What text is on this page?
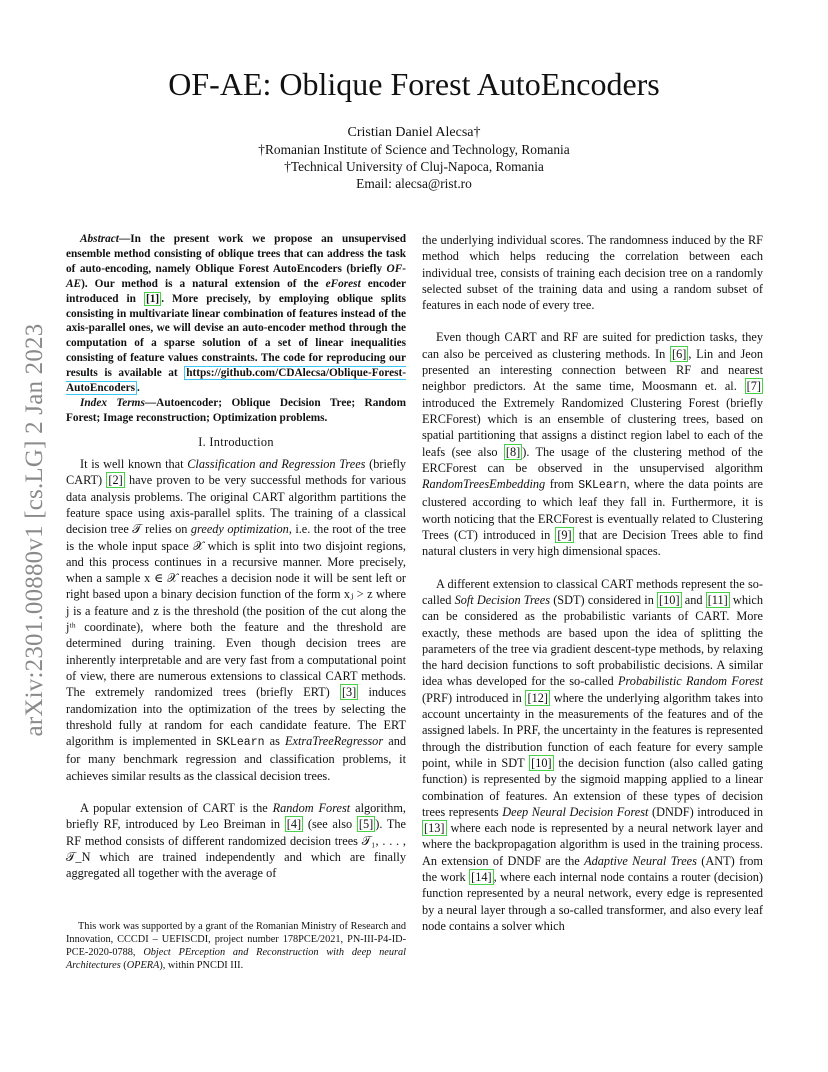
arXiv:2301.00880v1 [cs.LG] 2 Jan 2023
OF-AE: Oblique Forest AutoEncoders
Cristian Daniel Alecsa†
†Romanian Institute of Science and Technology, Romania
†Technical University of Cluj-Napoca, Romania
Email: alecsa@rist.ro

Abstract—In the present work we propose an unsupervised ensemble method consisting of oblique trees that can address the task of auto-encoding, namely Oblique Forest AutoEncoders (briefly OF-AE). Our method is a natural extension of the eForest encoder introduced in [1] . More precisely, by employing oblique splits consisting in multivariate linear combination of features instead of the axis-parallel ones, we will devise an auto-encoder method through the computation of a sparse solution of a set of linear inequalities consisting of feature values constraints. The code for reproducing our results is available at https://github.com/CDAlecsa/Oblique-Forest-AutoEncoders .

Index Terms—Autoencoder; Oblique Decision Tree; Random Forest; Image reconstruction; Optimization problems.

I. Introduction

It is well known that Classification and Regression Trees (briefly CART) [2] have proven to be very successful methods for various data analysis problems. The original CART algorithm partitions the feature space using axis-parallel splits. The training of a classical decision tree 𝒯 relies on greedy optimization, i.e. the root of the tree is the whole input space 𝒳 which is split into two disjoint regions, and this process continues in a recursive manner. More precisely, when a sample x ∈ 𝒳 reaches a decision node it will be sent left or right based upon a binary decision function of the form xⱼ > z where j is a feature and z is the threshold (the position of the cut along the jᵗʰ coordinate), where both the feature and the threshold are determined during training. Even though decision trees are inherently interpretable and are very fast from a computational point of view, there are numerous extensions to classical CART methods. The extremely randomized trees (briefly ERT) [3] induces randomization into the optimization of the trees by selecting the threshold fully at random for each candidate feature. The ERT algorithm is implemented in SKLearn as ExtraTreeRegressor and for many benchmark regression and classification problems, it achieves similar results as the classical decision trees.

A popular extension of CART is the Random Forest algorithm, briefly RF, introduced by Leo Breiman in [4] (see also [5] ). The RF method consists of different randomized decision trees 𝒯₁, . . . , 𝒯_N which are trained independently and which are finally aggregated all together with the average of

This work was supported by a grant of the Romanian Ministry of Research and Innovation, CCCDI – UEFISCDI, project number 178PCE/2021, PN-III-P4-ID-PCE-2020-0788, Object PErception and Reconstruction with deep neural Architectures (OPERA), within PNCDI III.

the underlying individual scores. The randomness induced by the RF method which helps reducing the correlation between each individual tree, consists of training each decision tree on a randomly selected subset of the training data and using a random subset of features in each node of every tree.

Even though CART and RF are suited for prediction tasks, they can also be perceived as clustering methods. In [6] , Lin and Jeon presented an interesting connection between RF and nearest neighbor predictors. At the same time, Moosmann et. al. [7] introduced the Extremely Randomized Clustering Forest (briefly ERCForest) which is an ensemble of clustering trees, based on spatial partitioning that assigns a distinct region label to each of the leafs (see also [8] ). The usage of the clustering method of the ERCForest can be observed in the unsupervised algorithm RandomTreesEmbedding from SKLearn, where the data points are clustered according to which leaf they fall in. Furthermore, it is worth noticing that the ERCForest is eventually related to Clustering Trees (CT) introduced in [9] that are Decision Trees able to find natural clusters in very high dimensional spaces.

A different extension to classical CART methods represent the so-called Soft Decision Trees (SDT) considered in [10] and [11] which can be considered as the probabilistic variants of CART. More exactly, these methods are based upon the idea of splitting the parameters of the tree via gradient descent-type methods, by relaxing the hard decision functions to soft probabilistic decisions. A similar idea whas developed for the so-called Probabilistic Random Forest (PRF) introduced in [12] where the underlying algorithm takes into account uncertainty in the measurements of the features and of the assigned labels. In PRF, the uncertainty in the features is represented through the distribution function of each feature for every sample point, while in SDT [10] the decision function (also called gating function) is represented by the sigmoid mapping applied to a linear combination of features. An extension of these types of decision trees represents Deep Neural Decision Forest (DNDF) introduced in [13] where each node is represented by a neural network layer and where the backpropagation algorithm is used in the training process. An extension of DNDF are the Adaptive Neural Trees (ANT) from the work [14] , where each internal node contains a router (decision) function represented by a neural network, every edge is represented by a neural layer through a so-called transformer, and also every leaf node contains a solver which
